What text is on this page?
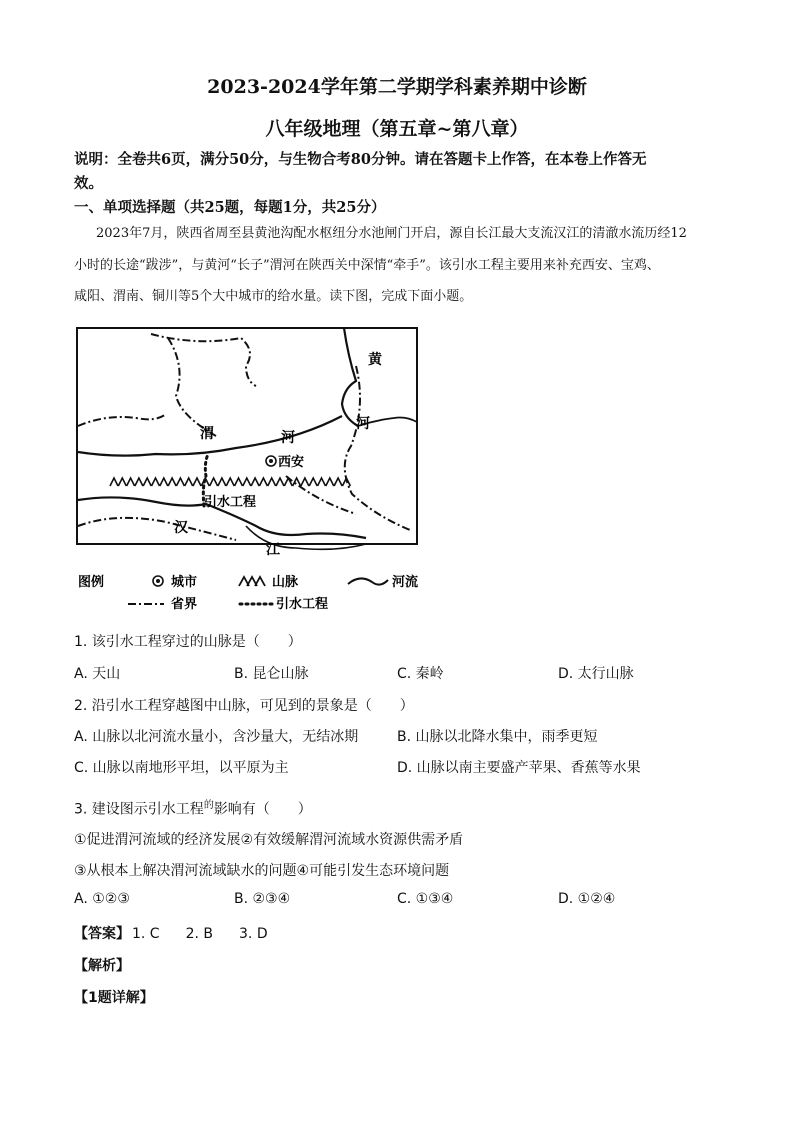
2023-2024学年第二学期学科素养期中诊断
八年级地理（第五章~第八章）
说明：全卷共6页，满分50分，与生物合考80分钟。请在答题卡上作答，在本卷上作答无
效。
一、单项选择题（共25题，每题1分，共25分）
2023年7月，陕西省周至县黄池沟配水枢纽分水池闸门开启，源自长江最大支流汉江的清澈水流历经12
小时的长途“跋涉”，与黄河“长子”渭河在陕西关中深情“牵手”。该引水工程主要用来补充西安、宝鸡、
咸阳、渭南、铜川等5个大中城市的给水量。读下图，完成下面小题。
黄
河
渭	河
西安
引水工程
汉
江
图例	城市	山脉	河流
省界	引水工程
1. 该引水工程穿过的山脉是（　　）
A. 天山	B. 昆仑山脉	C. 秦岭	D. 太行山脉
2. 沿引水工程穿越图中山脉，可见到的景象是（　　）
A. 山脉以北河流水量小，含沙量大，无结冰期	B. 山脉以北降水集中，雨季更短
C. 山脉以南地形平坦，以平原为主	D. 山脉以南主要盛产苹果、香蕉等水果
3. 建设图示引水工程$^的$影响有（　　）
①促进渭河流域的经济发展②有效缓解渭河流域水资源供需矛盾
③从根本上解决渭河流域缺水的问题④可能引发生态环境问题
A. ①②③	B. ②③④	C. ①③④	D. ①②④
【答案】 1. C 2. B 3. D
【解析】
【1题详解】
